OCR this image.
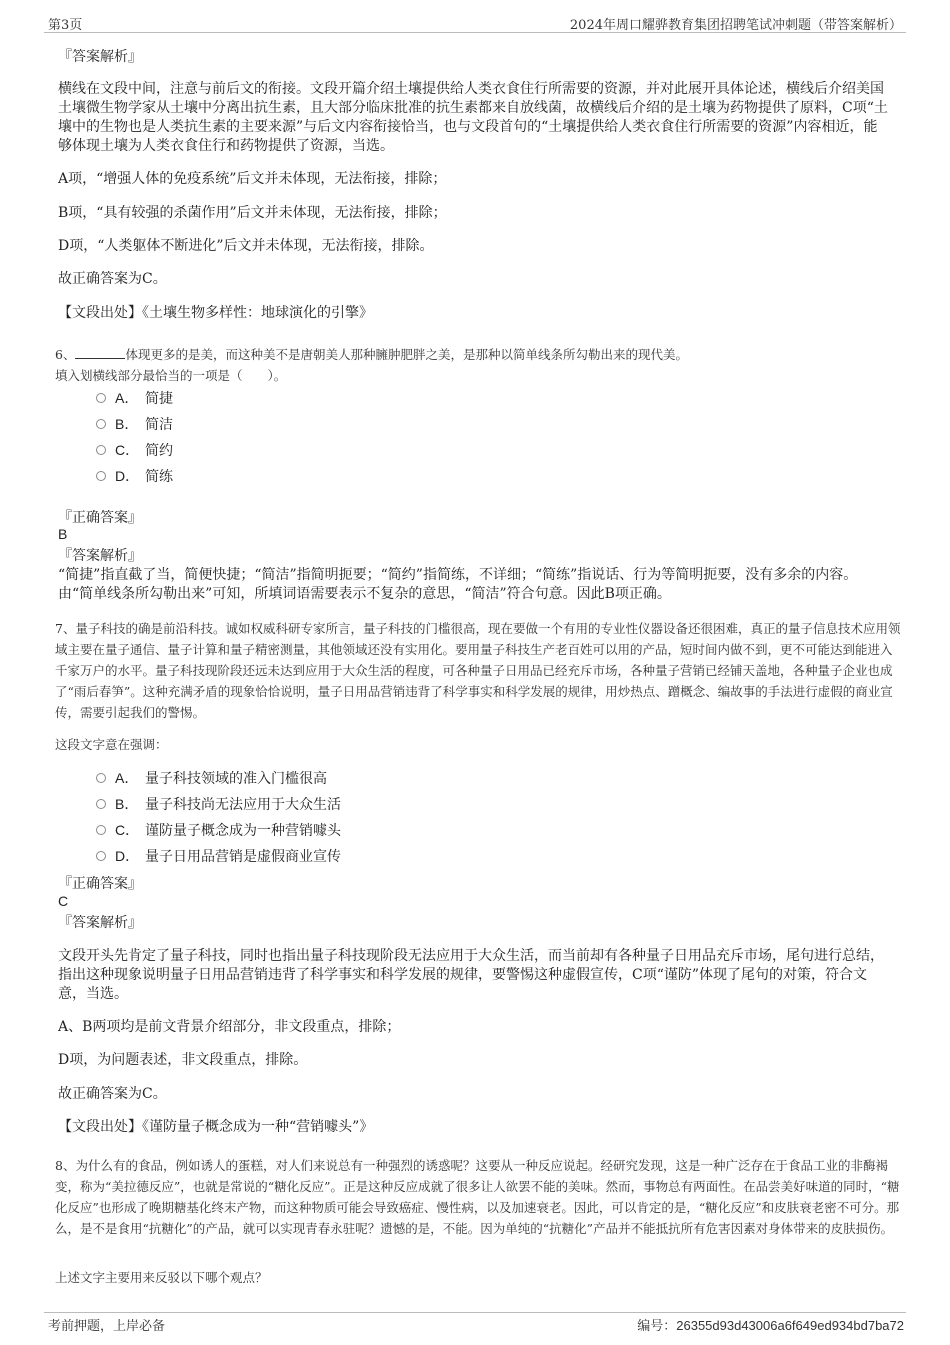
第3页	2024年周口耀骅教育集团招聘笔试冲刺题（带答案解析）
『答案解析』
横线在文段中间，注意与前后文的衔接。文段开篇介绍土壤提供给人类衣食住行所需要的资源，并对此展开具体论述，横线后介绍美国土壤微生物学家从土壤中分离出抗生素，且大部分临床批准的抗生素都来自放线菌，故横线后介绍的是土壤为药物提供了原料，C项“土壤中的生物也是人类抗生素的主要来源”与后文内容衔接恰当，也与文段首句的“土壤提供给人类衣食住行所需要的资源”内容相近，能够体现土壤为人类衣食住行和药物提供了资源，当选。
A项，“增强人体的免疫系统”后文并未体现，无法衔接，排除；
B项，“具有较强的杀菌作用”后文并未体现，无法衔接，排除；
D项，“人类躯体不断进化”后文并未体现，无法衔接，排除。
故正确答案为C。
【文段出处】《土壤生物多样性：地球演化的引擎》
6、	体现更多的是美，而这种美不是唐朝美人那种臃肿肥胖之美，是那种以简单线条所勾勒出来的现代美。
填入划横线部分最恰当的一项是（　　）。
A． 简捷
B． 简洁
C． 简约
D． 简练
『正确答案』
B
『答案解析』
“简捷”指直截了当，简便快捷；“简洁”指简明扼要；“简约”指简练，不详细；“简练”指说话、行为等简明扼要，没有多余的内容。由“简单线条所勾勒出来”可知，所填词语需要表示不复杂的意思，“简洁”符合句意。因此B项正确。
7、量子科技的确是前沿科技。诚如权威科研专家所言，量子科技的门槛很高，现在要做一个有用的专业性仪器设备还很困难，真正的量子信息技术应用领域主要在量子通信、量子计算和量子精密测量，其他领域还没有实用化。要用量子科技生产老百姓可以用的产品，短时间内做不到，更不可能达到能进入千家万户的水平。量子科技现阶段还远未达到应用于大众生活的程度，可各种量子日用品已经充斥市场，各种量子营销已经铺天盖地，各种量子企业也成了“雨后春笋”。这种充满矛盾的现象恰恰说明，量子日用品营销违背了科学事实和科学发展的规律，用炒热点、蹭概念、编故事的手法进行虚假的商业宣传，需要引起我们的警惕。
这段文字意在强调：
A． 量子科技领域的准入门槛很高
B． 量子科技尚无法应用于大众生活
C． 谨防量子概念成为一种营销噱头
D． 量子日用品营销是虚假商业宣传
『正确答案』
C
『答案解析』
文段开头先肯定了量子科技，同时也指出量子科技现阶段无法应用于大众生活，而当前却有各种量子日用品充斥市场，尾句进行总结，指出这种现象说明量子日用品营销违背了科学事实和科学发展的规律，要警惕这种虚假宣传，C项“谨防”体现了尾句的对策，符合文意，当选。
A、B两项均是前文背景介绍部分，非文段重点，排除；
D项，为问题表述，非文段重点，排除。
故正确答案为C。
【文段出处】《谨防量子概念成为一种“营销噱头”》
8、为什么有的食品，例如诱人的蛋糕，对人们来说总有一种强烈的诱惑呢？这要从一种反应说起。经研究发现，这是一种广泛存在于食品工业的非酶褐变，称为“美拉德反应”，也就是常说的“糖化反应”。正是这种反应成就了很多让人欲罢不能的美味。然而，事物总有两面性。在品尝美好味道的同时，“糖化反应”也形成了晚期糖基化终末产物，而这种物质可能会导致癌症、慢性病，以及加速衰老。因此，可以肯定的是，“糖化反应”和皮肤衰老密不可分。那么，是不是食用“抗糖化”的产品，就可以实现青春永驻呢？遗憾的是，不能。因为单纯的“抗糖化”产品并不能抵抗所有危害因素对身体带来的皮肤损伤。
上述文字主要用来反驳以下哪个观点？
考前押题，上岸必备	编号：26355d93d43006a6f649ed934bd7ba72
